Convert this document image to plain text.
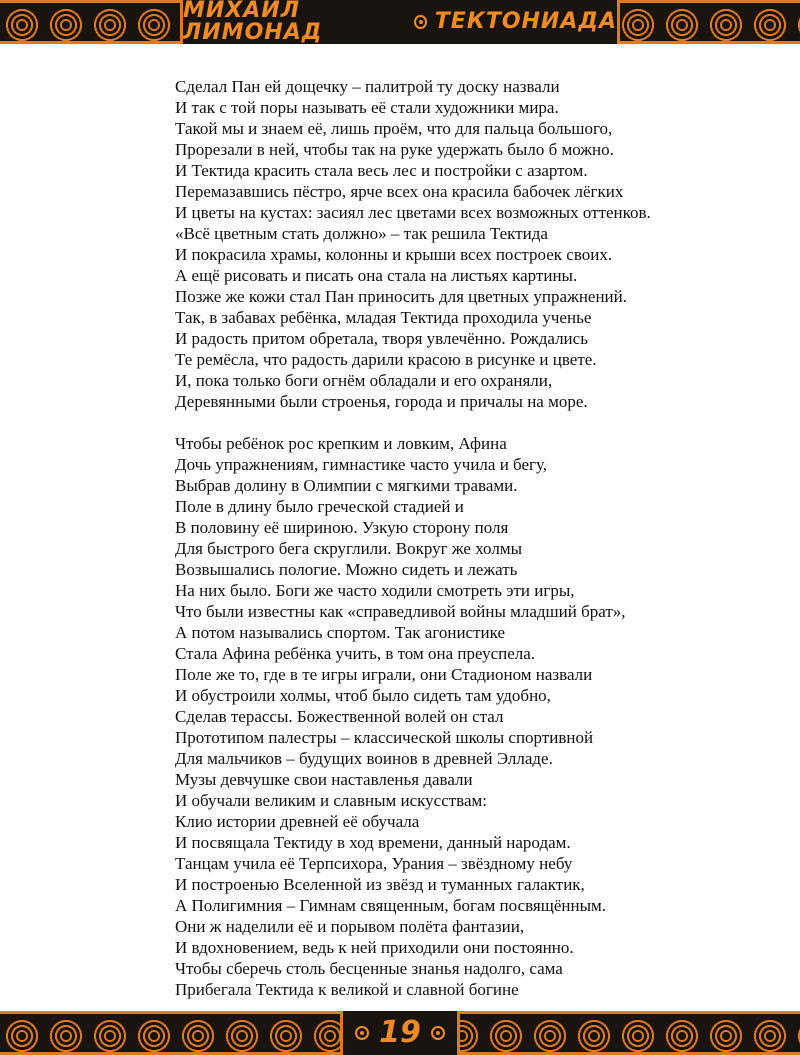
МИХАИЛ ЛИМОНАД	ТЕКТОНИАДА

Сделал Пан ей дощечку – палитрой ту доску назвали
И так с той поры называть её стали художники мира.
Такой мы и знаем её, лишь проём, что для пальца большого,
Прорезали в ней, чтобы так на руке удержать было б можно.
И Тектида красить стала весь лес и постройки с азартом.
Перемазавшись пёстро, ярче всех она красила бабочек лёгких
И цветы на кустах: засиял лес цветами всех возможных оттенков.
«Всё цветным стать должно» – так решила Тектида
И покрасила храмы, колонны и крыши всех построек своих.
А ещё рисовать и писать она стала на листьях картины.
Позже же кожи стал Пан приносить для цветных упражнений.
Так, в забавах ребёнка, младая Тектида проходила ученье
И радость притом обретала, творя увлечённо. Рождались
Те ремёсла, что радость дарили красою в рисунке и цвете.
И, пока только боги огнём обладали и его охраняли,
Деревянными были строенья, города и причалы на море.

Чтобы ребёнок рос крепким и ловким, Афина
Дочь упражнениям, гимнастике часто учила и бегу,
Выбрав долину в Олимпии с мягкими травами.
Поле в длину было греческой стадией и
В половину её шириною. Узкую сторону поля
Для быстрого бега скруглили. Вокруг же холмы
Возвышались пологие. Можно сидеть и лежать
На них было. Боги же часто ходили смотреть эти игры,
Что были известны как «справедливой войны младший брат»,
А потом назывались спортом. Так агонистике
Стала Афина ребёнка учить, в том она преуспела.
Поле же то, где в те игры играли, они Стадионом назвали
И обустроили холмы, чтоб было сидеть там удобно,
Сделав терассы. Божественной волей он стал
Прототипом палестры – классической школы спортивной
Для мальчиков – будущих воинов в древней Элладе.
Музы девчушке свои наставленья давали
И обучали великим и славным искусствам:
Клио истории древней её обучала
И посвящала Тектиду в ход времени, данный народам.
Танцам учила её Терпсихора, Урания – звёздному небу
И построенью Вселенной из звёзд и туманных галактик,
А Полигимния – Гимнам священным, богам посвящённым.
Они ж наделили её и порывом полёта фантазии,
И вдохновением, ведь к ней приходили они постоянно.
Чтобы сберечь столь бесценные знанья надолго, сама
Прибегала Тектида к великой и славной богине

19
